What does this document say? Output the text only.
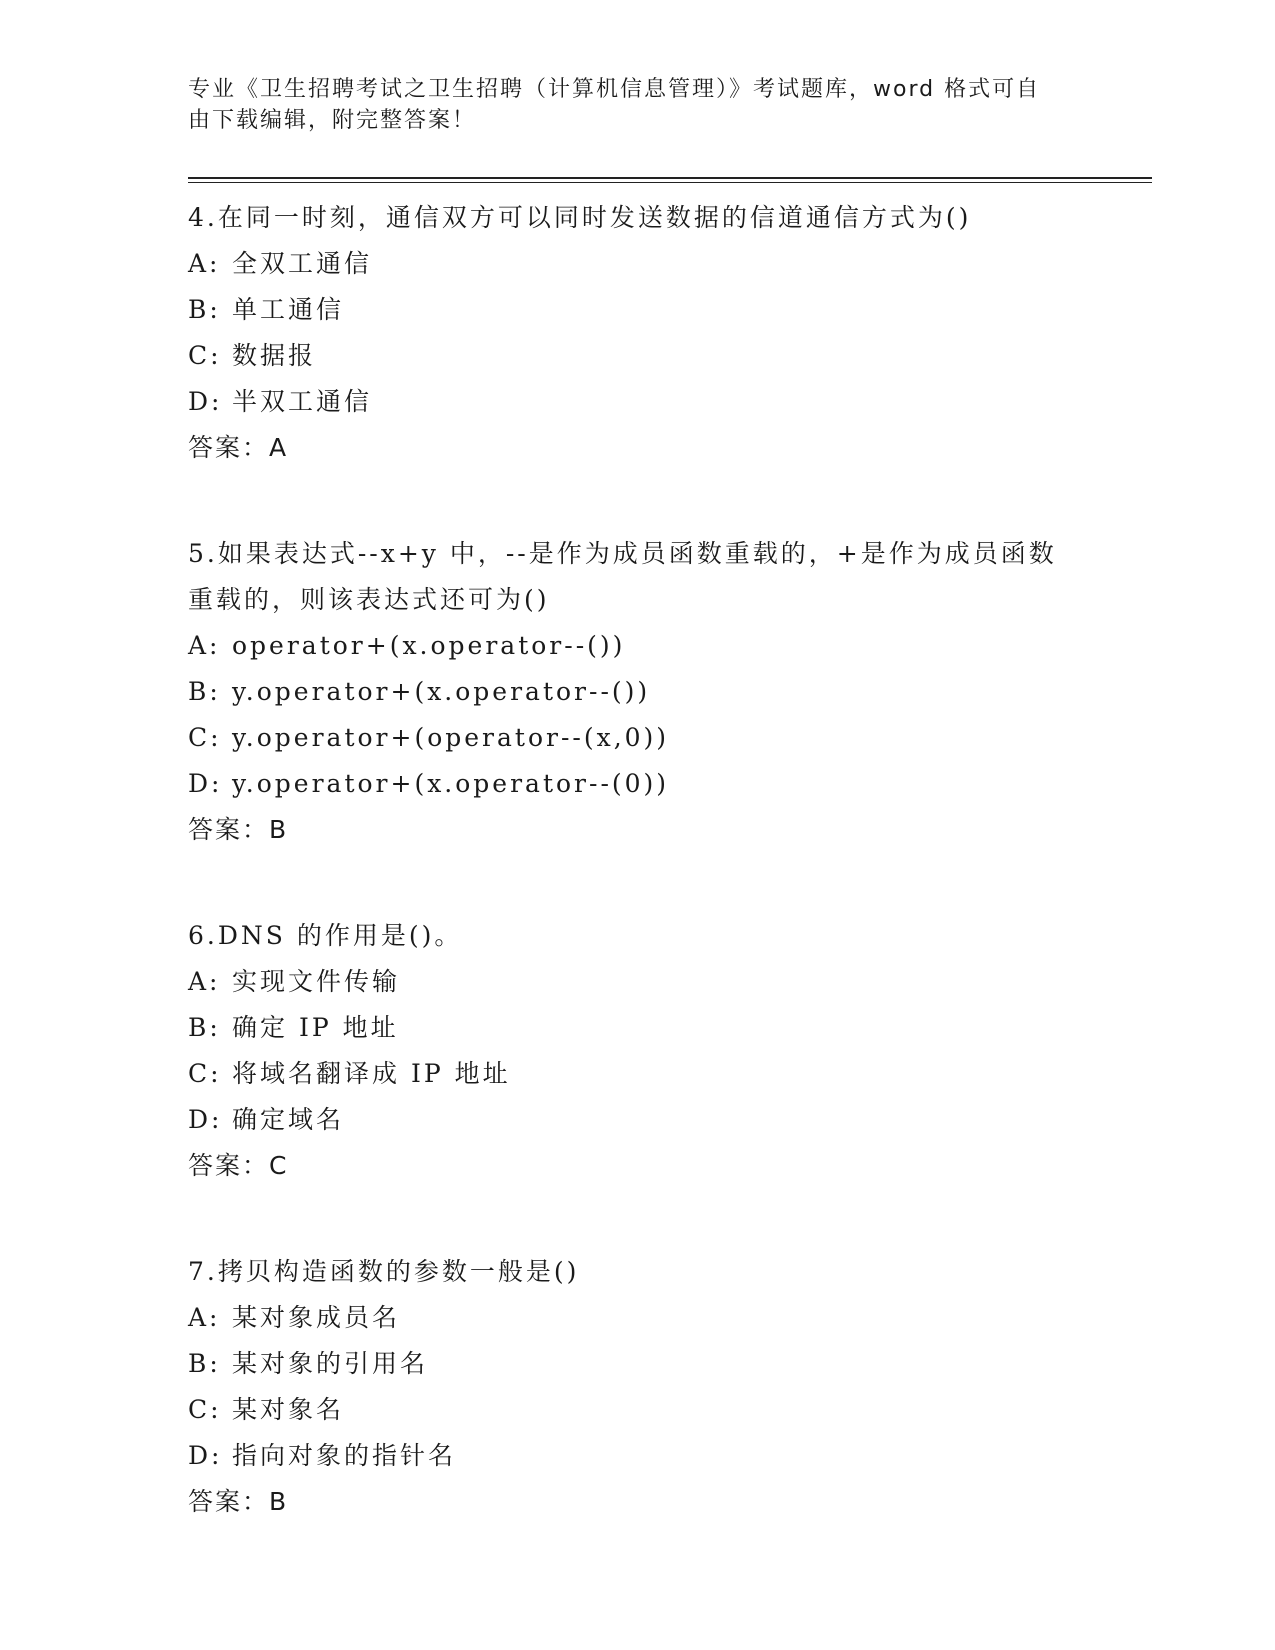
专业《卫生招聘考试之卫生招聘（计算机信息管理）》考试题库，word 格式可自
由下载编辑，附完整答案！
4.在同一时刻，通信双方可以同时发送数据的信道通信方式为()
A: 全双工通信
B: 单工通信
C: 数据报
D: 半双工通信
答案：A
5.如果表达式--x+y 中，--是作为成员函数重载的，+是作为成员函数
重载的，则该表达式还可为()
A: operator+(x.operator--())
B: y.operator+(x.operator--())
C: y.operator+(operator--(x,0))
D: y.operator+(x.operator--(0))
答案：B
6.DNS 的作用是()。
A: 实现文件传输
B: 确定 IP 地址
C: 将域名翻译成 IP 地址
D: 确定域名
答案：C
7.拷贝构造函数的参数一般是()
A: 某对象成员名
B: 某对象的引用名
C: 某对象名
D: 指向对象的指针名
答案：B
